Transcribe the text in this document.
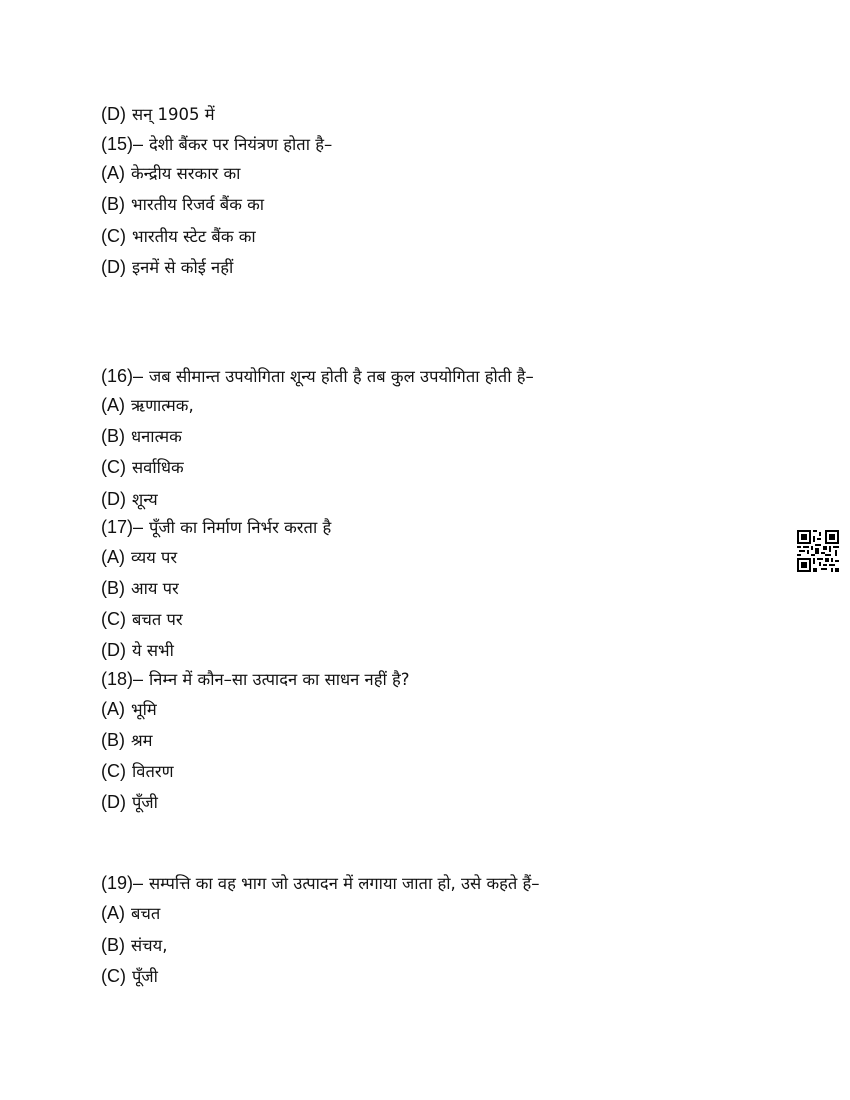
(D) सन् 1905 में
(15)– देशी बैंकर पर नियंत्रण होता है–
(A) केन्द्रीय सरकार का
(B) भारतीय रिजर्व बैंक का
(C) भारतीय स्टेट बैंक का
(D) इनमें से कोई नहीं
(16)– जब सीमान्त उपयोगिता शून्य होती है तब कुल उपयोगिता होती है–
(A) ऋणात्मक,
(B) धनात्मक
(C) सर्वाधिक
(D) शून्य
(17)– पूँजी का निर्माण निर्भर करता है
(A) व्यय पर
(B) आय पर
(C) बचत पर
(D) ये सभी
(18)– निम्न में कौन–सा उत्पादन का साधन नहीं है?
(A) भूमि
(B) श्रम
(C) वितरण
(D) पूँजी
(19)– सम्पत्ति का वह भाग जो उत्पादन में लगाया जाता हो, उसे कहते हैं–
(A) बचत
(B) संचय,
(C) पूँजी
